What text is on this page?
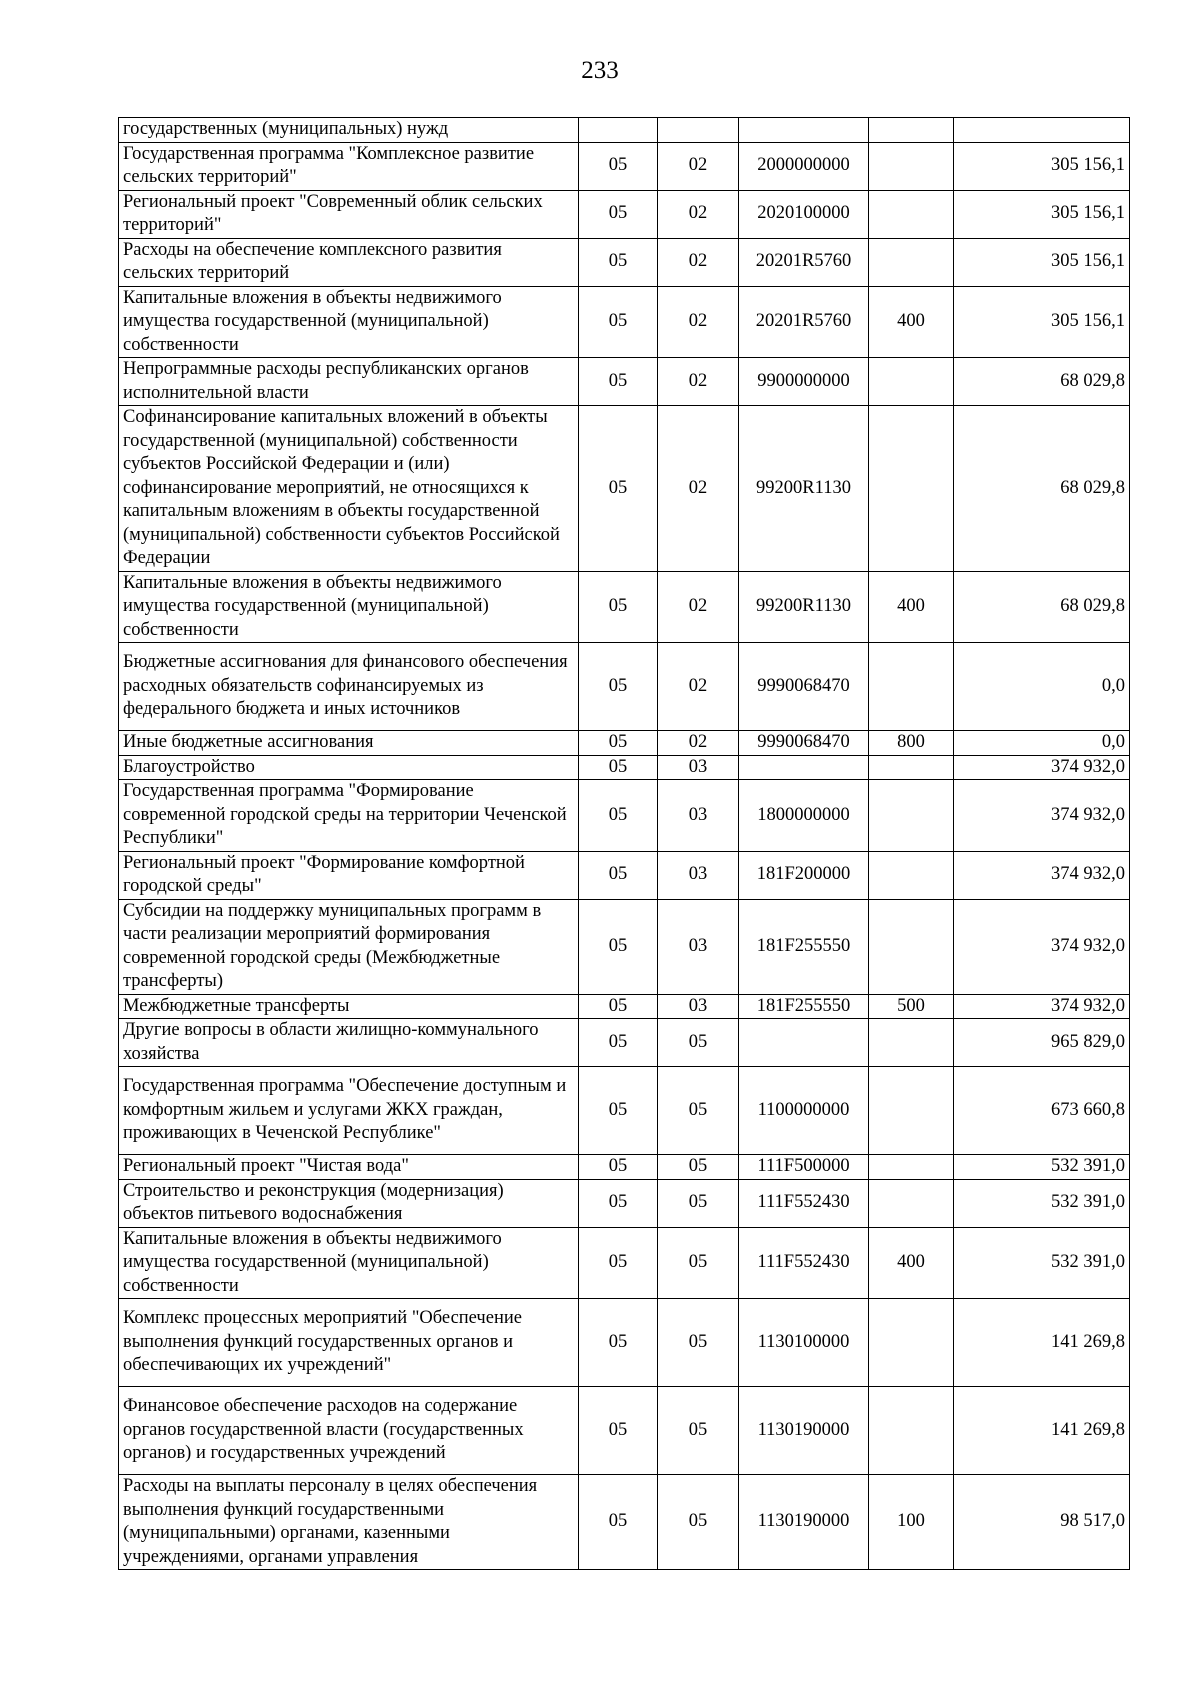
233
государственных (муниципальных) нужд					
Государственная программа "Комплексное развитие сельских территорий"	05	02	2000000000		305 156,1
Региональный проект "Современный облик сельских территорий"	05	02	2020100000		305 156,1
Расходы на обеспечение комплексного развития сельских территорий	05	02	20201R5760		305 156,1
Капитальные вложения в объекты недвижимого имущества государственной (муниципальной) собственности	05	02	20201R5760	400	305 156,1
Непрограммные расходы республиканских органов исполнительной власти	05	02	9900000000		68 029,8
Софинансирование капитальных вложений в объекты государственной (муниципальной) собственности субъектов Российской Федерации и (или) софинансирование мероприятий, не относящихся к капитальным вложениям в объекты государственной (муниципальной) собственности субъектов Российской Федерации	05	02	99200R1130		68 029,8
Капитальные вложения в объекты недвижимого имущества государственной (муниципальной) собственности	05	02	99200R1130	400	68 029,8
Бюджетные ассигнования для финансового обеспечения расходных обязательств софинансируемых из федерального бюджета и иных источников	05	02	9990068470		0,0
Иные бюджетные ассигнования	05	02	9990068470	800	0,0
Благоустройство	05	03			374 932,0
Государственная программа "Формирование современной городской среды на территории Чеченской Республики"	05	03	1800000000		374 932,0
Региональный проект "Формирование комфортной городской среды"	05	03	181F200000		374 932,0
Субсидии на поддержку муниципальных программ в части реализации мероприятий формирования современной городской среды (Межбюджетные трансферты)	05	03	181F255550		374 932,0
Межбюджетные трансферты	05	03	181F255550	500	374 932,0
Другие вопросы в области жилищно-коммунального хозяйства	05	05			965 829,0
Государственная программа "Обеспечение доступным и комфортным жильем и услугами ЖКХ граждан, проживающих в Чеченской Республике"	05	05	1100000000		673 660,8
Региональный проект "Чистая вода"	05	05	111F500000		532 391,0
Строительство и реконструкция (модернизация) объектов питьевого водоснабжения	05	05	111F552430		532 391,0
Капитальные вложения в объекты недвижимого имущества государственной (муниципальной) собственности	05	05	111F552430	400	532 391,0
Комплекс процессных мероприятий "Обеспечение выполнения функций государственных органов и обеспечивающих их учреждений"	05	05	1130100000		141 269,8
Финансовое обеспечение расходов на содержание органов государственной власти (государственных органов) и государственных учреждений	05	05	1130190000		141 269,8
Расходы на выплаты персоналу в целях обеспечения выполнения функций государственными (муниципальными) органами, казенными учреждениями, органами управления	05	05	1130190000	100	98 517,0
